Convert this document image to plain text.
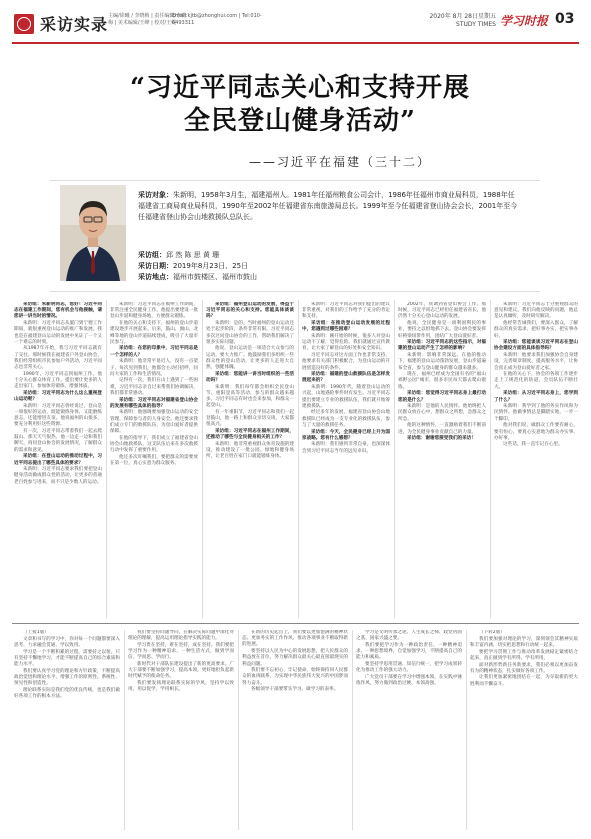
采访实录 主编/徐曦 / 李晓梅 | 责任编辑/李晓梅 | 美术编辑/王峰 | 校对/王妮
Email:kjtb@zhonghui.com | Tel:010-6493311
2020年 8月 28日星期五
STUDY TIMES 学习时报 03
“习近平同志关心和支持开展
全民登山健身活动”
——习近平在福建（三十二）
采访对象：朱新明，1958年3月生，福建福州人。1981年任福州粮食公司会计，1986年任福州市商业局科员，1988年任福建省工商局商业局科员，1990年至2002年任福建省东南旅游局总长。1999年至今任福建省登山协会会长，2001年至今任福建省登山协会山地救援队总队长。
采访组：邱 然 陈 思 黄 珊
采访日期：2019年8月23日、25日
采访地点：福州市鼓楼区、福州市鼓山

采访组：朱新明同志，您好！习近平同志在福建工作期间，您有机会与他接触，请您讲一讲当时的情况。

朱新明：习近平同志从厦门到宁德工作期间，就很重视登山运动的推广和发展。我也是在福建登山运动的发展中见证了一个又一个难忘的时刻。

从1987年开始，我与习近平同志就有了交往。那时候我在福建省户外登山协会，我们经常组织市民参加户外活动，习近平同志也非常关心。

1990年，习近平同志到福州工作。他十分关心群众体育工作，提出要让更多的人走出家门，参加体育锻炼，增强体质。

采访组：习近平同志为什么这么重视登山运动呢？

朱新明：习近平同志曾经说过，登山是一项很好的运动，既能锻炼身体，又能磨练意志，还能增进友谊。他说福州的山很多，要充分利用好这些资源。

有一次，习近平同志带着我们一起去爬鼓山。那天天气很热，他一边走一边和我们聊天，询问登山协会的发展情况，了解群众的需求和意见。

采访组：在登山运动的推动过程中，习近平同志提出了哪些具体的要求？

朱新明：习近平同志要求我们要把登山健身活动做成群众性的活动，让更多的普通老百姓参与进来，而不只是少数人的运动。

朱新明：习近平同志在福州工作期间，非常注重全民健身工作。他提出要建设一批登山步道和健身场地，方便群众锻炼。

在他的关心和支持下，福州的登山步道建设逐步开展起来。后来，鼓山、旗山、北峰等地的登山步道陆续建成，吸引了大量市民参与。

采访组：在您的印象中，习近平同志是一个怎样的人？

朱新明：他非常平易近人，没有一点架子。每次见到我们，他都会主动打招呼，问问大家的工作和生活情况。

记得有一次，我们在山上遇到了一些困难，习近平同志亲自过来帮我们协调解决，我们都非常感动。

采访组：习近平同志对福建省登山协会的发展有哪些具体的指导？

朱新明：他强调要加强登山运动的安全管理，保障参与者的人身安全。他还要求我们成立专门的救援队伍，为登山爱好者提供保障。

在他的指导下，我们成立了福建省登山协会山地救援队，这支队伍后来在多次救援行动中发挥了重要作用。

他还多次叮嘱我们，要把群众的需要放在第一位，真心实意为群众服务。

采访组：福州登山运动的发展，得益于习近平同志的关心和支持。您能具体谈谈吗？

朱新明：是的。当时福州的登山运动还处于起步阶段，条件非常有限。习近平同志多次过问登山协会的工作，帮助我们解决了很多实际问题。

他说，登山运动是一项适合大众参与的运动，要大力推广。他鼓励我们多组织一些群众性的登山活动，让更多的人走进大自然，强健体魄。

采访组：您能讲一讲当时组织的一些活动吗？

朱新明：我们每年都会组织全民登山节、重阳登高等活动，参与的群众越来越多。习近平同志有时也会来参加，和群众一起登山。

有一年重阳节，习近平同志和我们一起登鼓山，他一路上和群众亲切交谈，大家都很高兴。

采访组：习近平同志在福州工作期间，还推动了哪些与全民健身相关的工作？

朱新明：他非常重视群众体育设施的建设，推动建设了一批公园、绿地和健身场所，让老百姓在家门口就能锻炼身体。

朱新明：习近平同志对我们提出的建议非常重视，对我们的工作给予了充分的肯定和支持。

采访组：在推动登山运动发展的过程中，您遇到过哪些困难？

朱新明：刚开始的时候，很多人对登山运动不了解，觉得危险。我们就通过宣传教育，让大家了解登山的好处和安全知识。

习近平同志对这方面工作也非常支持，他要求有关部门积极配合，为登山运动的开展创造良好的条件。

采访组：福建的登山救援队伍是怎样发展起来的？

朱新明：1990年代，随着登山运动的兴起，山地遇险事件时有发生。习近平同志提出要建立专业的救援队伍，我们就开始筹建救援队。

经过多年的发展，福建省登山协会山地救援队已经成为一支专业化的救援队伍，参与了大量的救援任务。

采访组：今天，全民健身已经上升为国家战略。您有什么感想？

朱新明：我们感到非常自豪，也深深体会到习近平同志当年的远见卓识。

2002年，我调到省登山协会工作。那时候，习近平同志已经担任福建省省长，他仍然十分关心登山运动的发展。

他说，全民健身是一项利国利民的事业，要持之以恒地抓下去。登山协会要发挥好桥梁纽带作用，团结广大登山爱好者。

采访组：习近平同志的这些指示，对福建的登山运动产生了怎样的影响？

朱新明：影响非常深远。在他的推动下，福建的登山运动蓬勃发展，登山步道遍布全省，参与登山健身的群众越来越多。

现在，福州已经成为全国有名的“福山郊野公园”城市，很多市民每天都去爬山锻炼。

采访组：您觉得习近平同志身上最打动您的是什么？

朱新明：是他的人民情怀。他始终把人民群众放在心中，想群众之所想，急群众之所急。

他的这种情怀，一直激励着我们不断前进，为全民健身事业贡献自己的力量。

采访组：谢谢您接受我们的采访！

朱新明：习近平同志十分重视群众的意见和建议。我们向他反映的问题，他总是认真倾听，及时研究解决。

他经常告诫我们，要深入群众，了解群众的真实需求，把好事办实，把实事办好。

采访组：您能谈谈习近平同志在登山协会建设方面的具体指导吗？

朱新明：他要求我们加强协会自身建设，完善规章制度，提高服务水平，让协会真正成为登山爱好者之家。

在他的关心下，协会的各项工作逐步走上了规范化的轨道，会员队伍不断壮大。

采访组：从习近平同志身上，您学到了什么？

朱新明：我学到了他的务实作风和为民情怀。他做事情总是脚踏实地，一步一个脚印。

他对我们说，做群众工作要有耐心，要有恒心，要真心实意地为群众办实事、办好事。

这些话，我一直牢记在心里。

（上接1版）

文章和书写的学习中，你对每一个问题都要深入思考，力求融会贯通，学以致用。

学习是一个不断积累的过程，需要持之以恒。只有坚持不懈地学习，才能不断提高自己的综合素质和能力水平。

我们要认真学习党的理论和方针政策，不断提高政治觉悟和理论水平，增强工作的原则性、系统性、预见性和创造性。

理论联系实际是我们党的优良传统，也是我们做好各项工作的根本方法。

我们要坚持问题导向，在解决实际问题中深化对理论的理解，提高运用理论指导实践的能力。

学习贵在坚持，难在坚持，成在坚持。我们要把学习作为一种精神追求、一种生活方式，做到学而信、学而思、学而行。

新时代对干部队伍建设提出了新的更高要求。广大干部要不断加强学习，提高本领，更好地担负起新时代赋予的使命任务。

我们要发扬理论联系实际的学风，坚持学以致用、用以促学、学用相长。

在新的历史起点上，我们要以更加饱满的精神状态、更加务实的工作作风，推动各项事业不断取得新的进展。

要坚持以人民为中心的发展思想，把人民群众的利益放在首位，努力解决群众最关心最直接最现实的利益问题。

我们要不忘初心、牢记使命，始终保持同人民群众的血肉联系，为实现中华民族伟大复兴的中国梦而努力奋斗。

各级领导干部要带头学习，做学习的表率。

学习是文明传承之途、人生成长之梯、政党巩固之基、国家兴盛之要。

我们要把学习作为一种政治责任、一种精神追求、一种思想境界，自觉加强学习，不断提高自己的能力和素质。

要坚持学思用贯通、知信行统一，把学习成果转化为推动工作的强大动力。

广大党员干部要在学习中增强本领，在实践中锤炼作风，努力做到政治过硬、本领高强。

（下转2版）

我们要加强对理论的学习，深刻领会其精神实质和丰富内涵，切实把思想和行动统一起来。

要把学习贯彻工作与推动改革发展稳定紧密结合起来，真正做到学有所得、学有所用。

面对新形势新任务新要求，我们必须以更加奋发有为的精神状态，扎实做好各项工作。

让我们更加紧密地团结在一起，为夺取新的更大胜利而不懈奋斗。
